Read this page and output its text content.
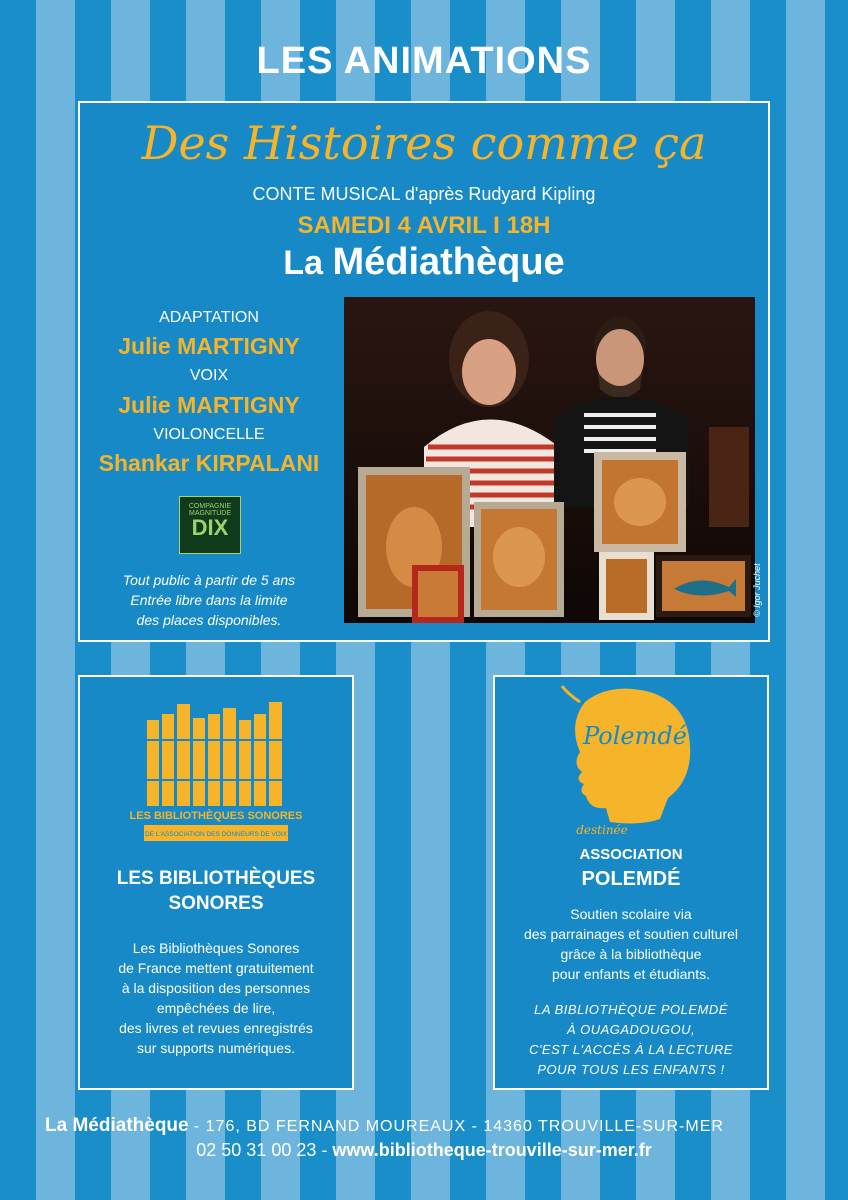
LES ANIMATIONS
Des Histoires comme ça
CONTE MUSICAL d'après Rudyard Kipling
SAMEDI 4 AVRIL I 18H
La Médiathèque
ADAPTATION
Julie MARTIGNY
VOIX
Julie MARTIGNY
VIOLONCELLE
Shankar KIRPALANI
COMPAGNIE
MAGNITUDE
DIX
Tout public à partir de 5 ans
Entrée libre dans la limite
des places disponibles.
© Igor Juchet
LES BIBLIOTHÈQUES SONORES
DE L'ASSOCIATION DES DONNEURS DE VOIX
LES BIBLIOTHÈQUES
SONORES
Les Bibliothèques Sonores
de France mettent gratuitement
à la disposition des personnes
empêchées de lire,
des livres et revues enregistrés
sur supports numériques.
Polemdé
destinée
ASSOCIATION
POLEMDÉ
Soutien scolaire via
des parrainages et soutien culturel
grâce à la bibliothèque
pour enfants et étudiants.
LA BIBLIOTHÈQUE POLEMDÉ
À OUAGADOUGOU,
C'EST L'ACCÈS À LA LECTURE
POUR TOUS LES ENFANTS !
La Médiathèque - 176, BD FERNAND MOUREAUX - 14360 TROUVILLE-SUR-MER
02 50 31 00 23 - www.bibliotheque-trouville-sur-mer.fr
